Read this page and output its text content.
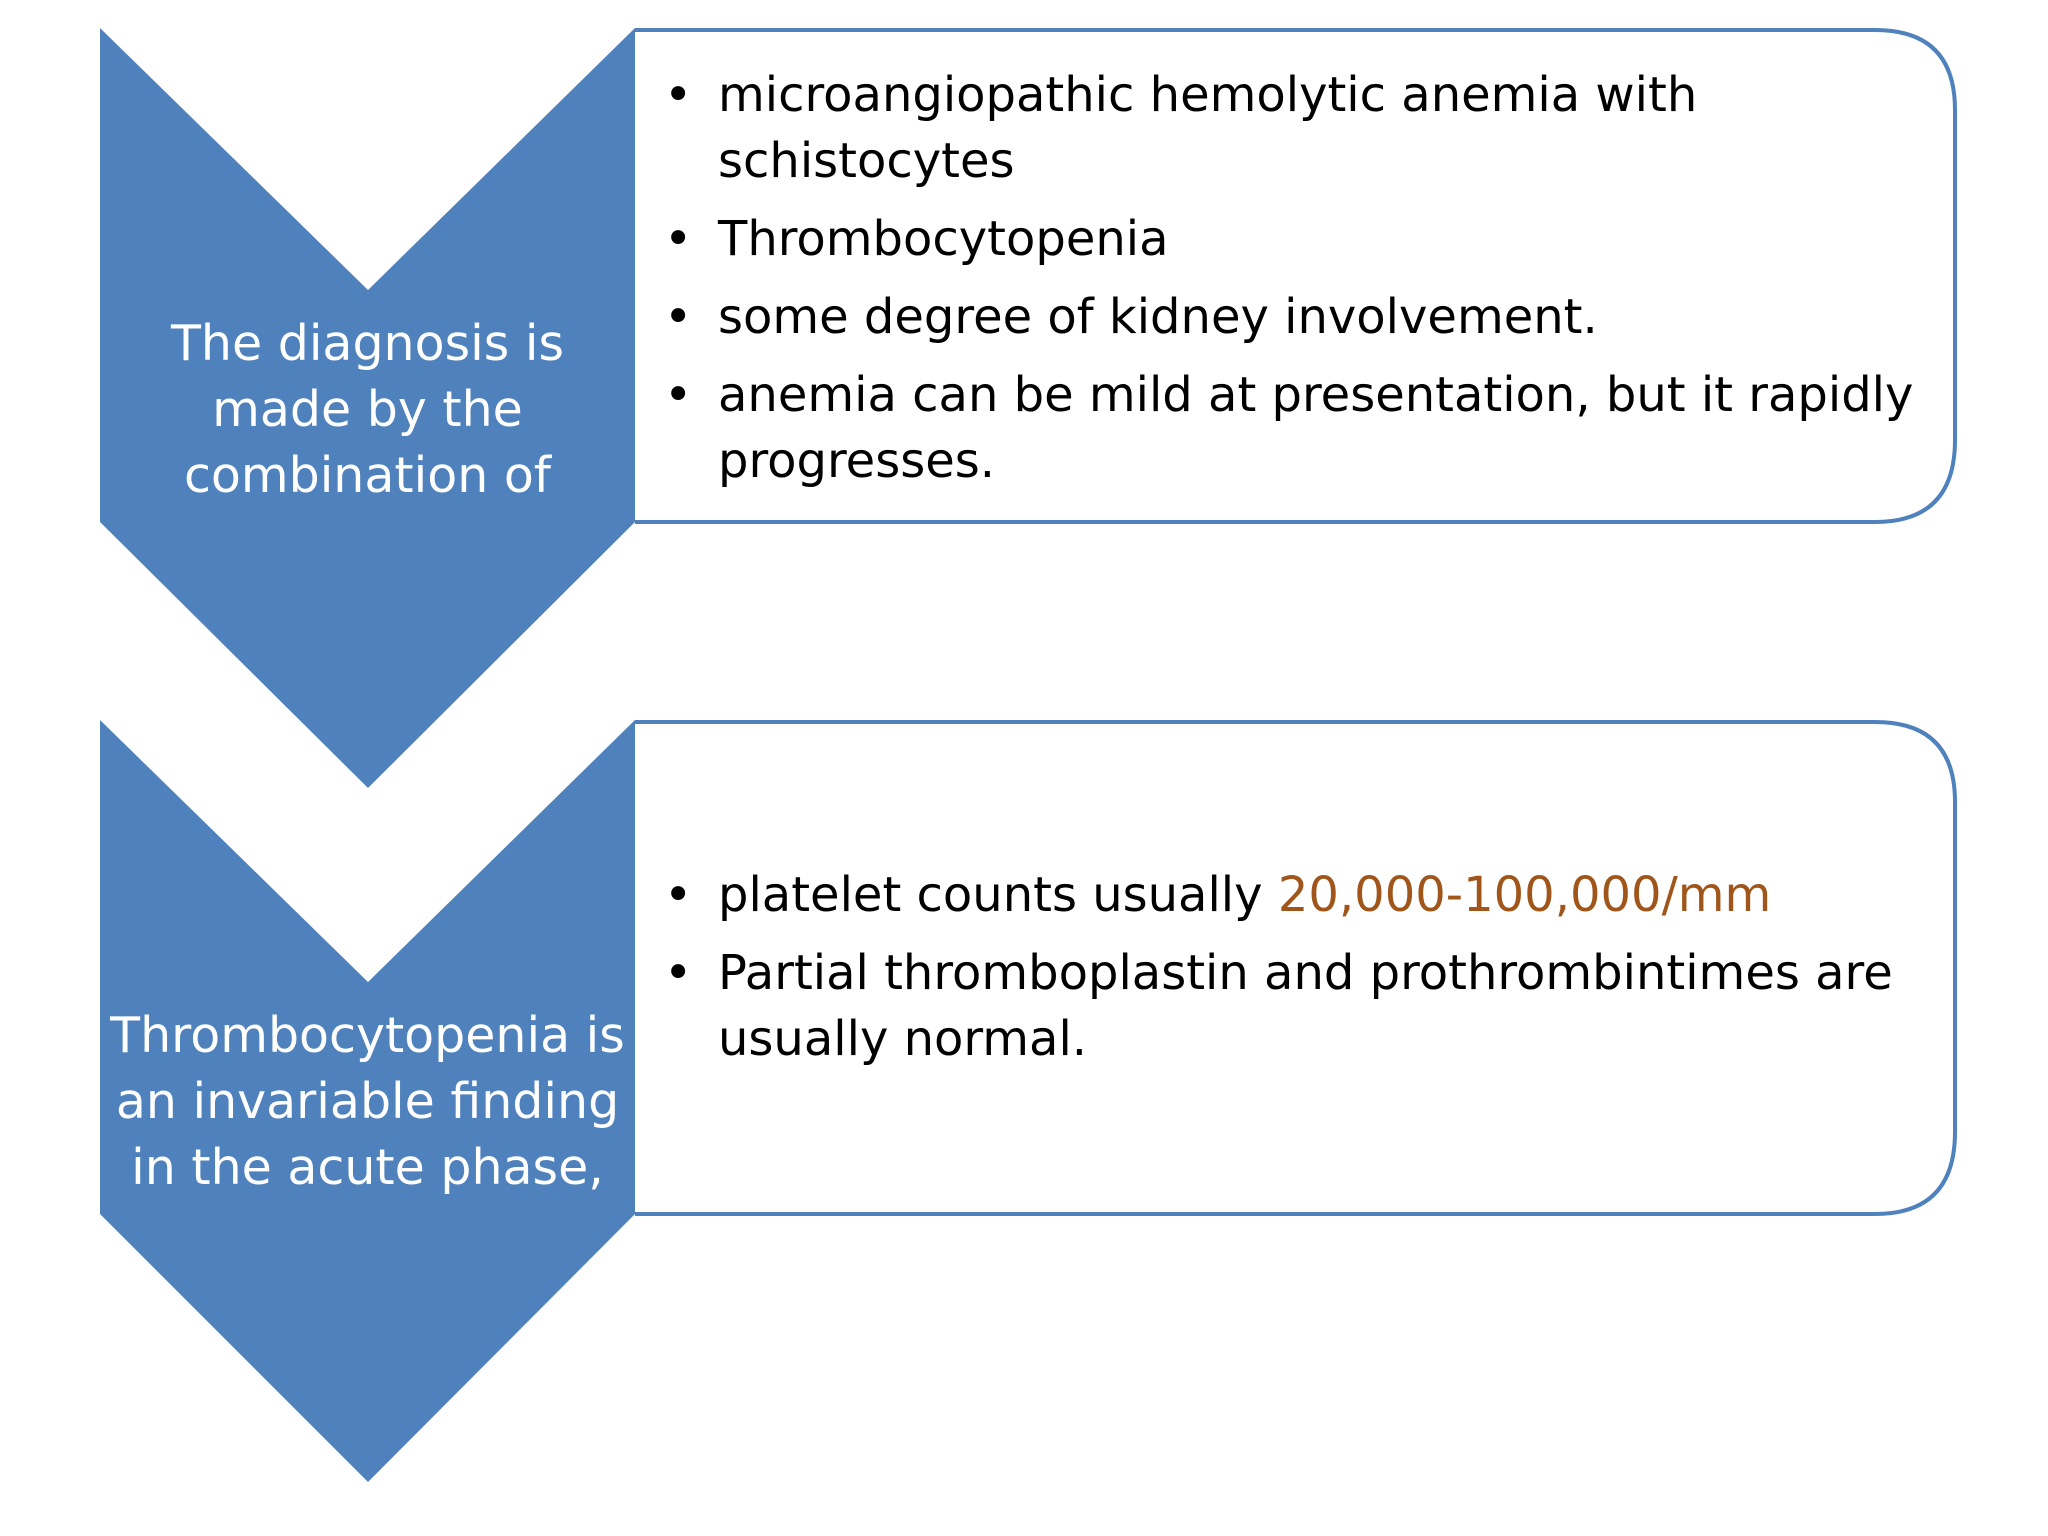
The diagnosis is
made by the
combination of
• microangiopathic hemolytic anemia with
schistocytes
• Thrombocytopenia
• some degree of kidney involvement.
• anemia can be mild at presentation, but it rapidly
progresses.
Thrombocytopenia is
an invariable finding
in the acute phase,
• platelet counts usually 20,000-100,000/mm
• Partial thromboplastin and prothrombintimes are
usually normal.
